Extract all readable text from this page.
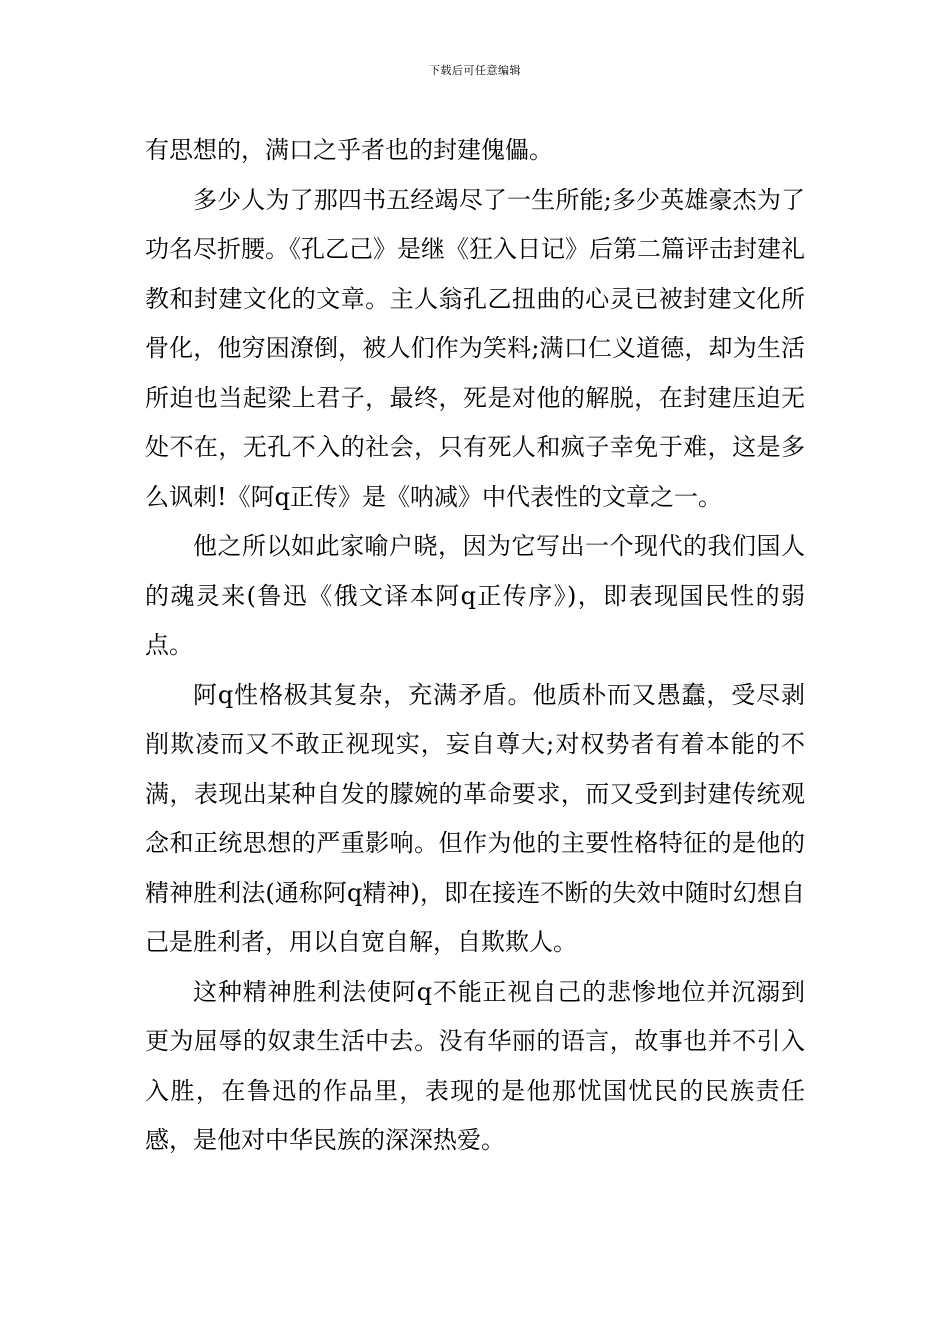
下载后可任意编辑

有思想的，满口之乎者也的封建傀儡。

多少人为了那四书五经竭尽了一生所能;多少英雄豪杰为了功名尽折腰。《孔乙己》是继《狂入日记》后第二篇评击封建礼教和封建文化的文章。主人翁孔乙扭曲的心灵已被封建文化所骨化，他穷困潦倒，被人们作为笑料;满口仁义道德，却为生活所迫也当起梁上君子，最终，死是对他的解脱，在封建压迫无处不在，无孔不入的社会，只有死人和疯子幸免于难，这是多么讽刺!《阿q正传》是《呐减》中代表性的文章之一。

他之所以如此家喻户晓，因为它写出一个现代的我们国人的魂灵来(鲁迅《俄文译本阿q正传序》)，即表现国民性的弱点。

阿q性格极其复杂，充满矛盾。他质朴而又愚蠢，受尽剥削欺凌而又不敢正视现实，妄自尊大;对权势者有着本能的不满，表现出某种自发的朦婉的革命要求，而又受到封建传统观念和正统思想的严重影响。但作为他的主要性格特征的是他的精神胜利法(通称阿q精神)，即在接连不断的失效中随时幻想自己是胜利者，用以自宽自解，自欺欺人。

这种精神胜利法使阿q不能正视自己的悲惨地位并沉溺到更为屈辱的奴隶生活中去。没有华丽的语言，故事也并不引入入胜，在鲁迅的作品里，表现的是他那忧国忧民的民族责任感，是他对中华民族的深深热爱。
